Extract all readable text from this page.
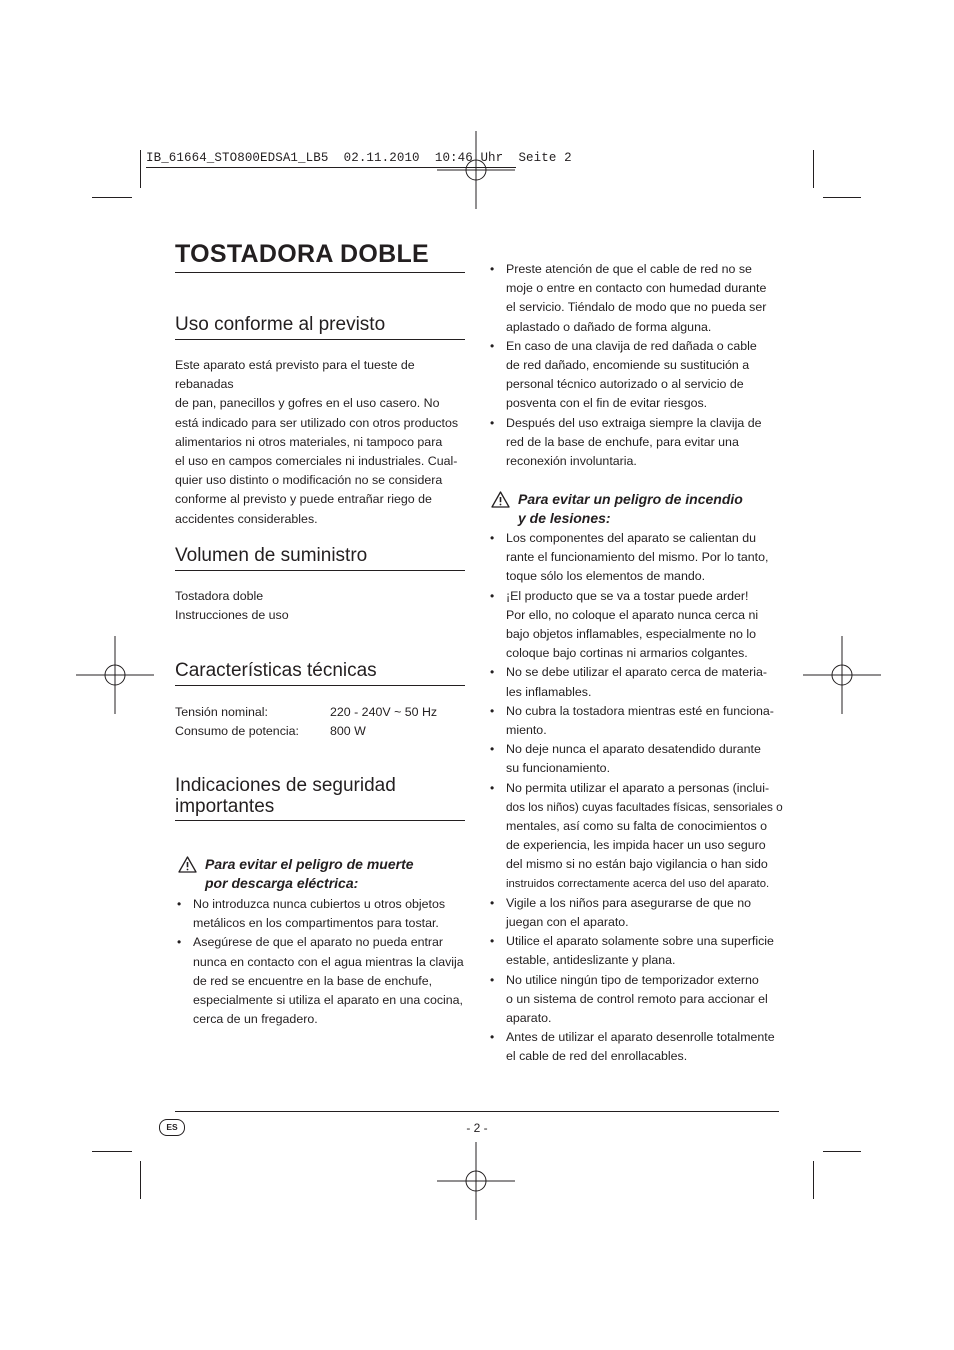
IB_61664_STO800EDSA1_LB5  02.11.2010  10:46 Uhr  Seite 2
TOSTADORA DOBLE
Uso conforme al previsto
Este aparato está previsto para el tueste de rebanadas
de pan, panecillos y gofres en el uso casero. No
está indicado para ser utilizado con otros productos
alimentarios ni otros materiales, ni tampoco para
el uso en campos comerciales ni industriales. Cual-
quier uso distinto o modificación no se considera
conforme al previsto y puede entrañar riego de
accidentes considerables.
Volumen de suministro
Tostadora doble
Instrucciones de uso
Características técnicas
Tensión nominal:	220 - 240V ~ 50 Hz
Consumo de potencia:	800 W
Indicaciones de seguridad
importantes
Para evitar el peligro de muerte
por descarga eléctrica:
• No introduzca nunca cubiertos u otros objetos
metálicos en los compartimentos para tostar.
• Asegúrese de que el aparato no pueda entrar
nunca en contacto con el agua mientras la clavija
de red se encuentre en la base de enchufe,
especialmente si utiliza el aparato en una cocina,
cerca de un fregadero.
• Preste atención de que el cable de red no se
moje o entre en contacto con humedad durante
el servicio. Tiéndalo de modo que no pueda ser
aplastado o dañado de forma alguna.
• En caso de una clavija de red dañada o cable
de red dañado, encomiende su sustitución a
personal técnico autorizado o al servicio de
posventa con el fin de evitar riesgos.
• Después del uso extraiga siempre la clavija de
red de la base de enchufe, para evitar una
reconexión involuntaria.
Para evitar un peligro de incendio
y de lesiones:
• Los componentes del aparato se calientan du
rante el funcionamiento del mismo. Por lo tanto,
toque sólo los elementos de mando.
• ¡El producto que se va a tostar puede arder!
Por ello, no coloque el aparato nunca cerca ni
bajo objetos inflamables, especialmente no lo
coloque bajo cortinas ni armarios colgantes.
• No se debe utilizar el aparato cerca de materia-
les inflamables.
• No cubra la tostadora mientras esté en funciona-
miento.
• No deje nunca el aparato desatendido durante
su funcionamiento.
• No permita utilizar el aparato a personas (inclui-
dos los niños) cuyas facultades físicas, sensoriales o
mentales, así como su falta de conocimientos o
de experiencia, les impida hacer un uso seguro
del mismo si no están bajo vigilancia o han sido
instruidos correctamente acerca del uso del aparato.
• Vigile a los niños para asegurarse de que no
juegan con el aparato.
• Utilice el aparato solamente sobre una superficie
estable, antideslizante y plana.
• No utilice ningún tipo de temporizador externo
o un sistema de control remoto para accionar el
aparato.
• Antes de utilizar el aparato desenrolle totalmente
el cable de red del enrollacables.
ES	- 2 -
